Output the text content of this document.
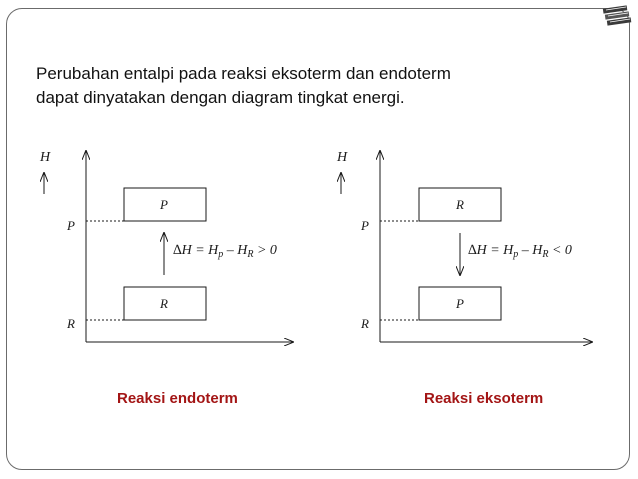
Perubahan entalpi pada reaksi eksoterm dan endoterm
dapat dinyatakan dengan diagram tingkat energi.

H
P
R
P
R
$\Delta H = H_p - H_R > 0$
H
P
R
R
P
$\Delta H = H_p - H_R < 0$
Reaksi endoterm	Reaksi eksoterm
